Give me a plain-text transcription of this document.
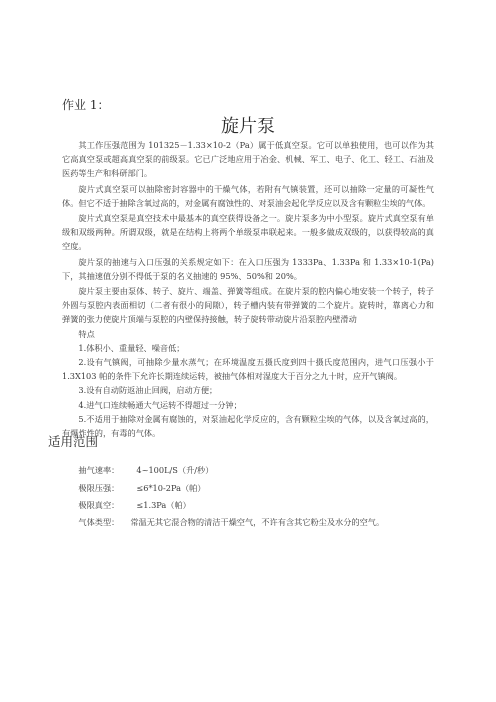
作业 1：
旋片泵

其工作压强范围为 101325－1.33×10-2（Pa）属于低真空泵。它可以单独使用，也可以作为其它高真空泵或超高真空泵的前级泵。它已广泛地应用于冶金、机械、军工、电子、化工、轻工、石油及医药等生产和科研部门。

旋片式真空泵可以抽除密封容器中的干燥气体，若附有气镇装置，还可以抽除一定量的可凝性气体。但它不适于抽除含氧过高的，对金属有腐蚀性的、对泵油会起化学反应以及含有颗粒尘埃的气体。

旋片式真空泵是真空技术中最基本的真空获得设备之一。旋片泵多为中小型泵。旋片式真空泵有单级和双级两种。所谓双级，就是在结构上将两个单级泵串联起来。一般多做成双级的，以获得较高的真空度。

旋片泵的抽速与入口压强的关系规定如下：在入口压强为 1333Pa、1.33Pa 和 1.33×10-1(Pa)下，其抽速值分别不得低于泵的名义抽速的 95%、50%和 20%。

旋片泵主要由泵体、转子、旋片、端盖、弹簧等组成。在旋片泵的腔内偏心地安装一个转子，转子外圆与泵腔内表面相切（二者有很小的间隙），转子槽内装有带弹簧的二个旋片。旋转时，靠离心力和弹簧的张力使旋片顶端与泵腔的内壁保持接触，转子旋转带动旋片沿泵腔内壁滑动

特点
1.体积小、重量轻、噪音低；
2.设有气镇阀，可抽除少量水蒸气；在环境温度五摄氏度到四十摄氏度范围内，进气口压强小于 1.3X103 帕的条件下允许长期连续运转，被抽气体相对湿度大于百分之九十时，应开气镇阀。
3.设有自动防返油止回阀，启动方便；
4.进气口连续畅通大气运转不得超过一分钟；
5.不适用于抽除对金属有腐蚀的，对泵油起化学反应的，含有颗粒尘埃的气体，以及含氧过高的，有爆炸性的，有毒的气体。
适用范围
抽气速率： 4~100L/S（升/秒）
极限压强： ≤6*10-2Pa（帕）
极限真空： ≤1.3Pa（帕）
气体类型： 常温无其它混合物的清洁干燥空气，不许有含其它粉尘及水分的空气。
